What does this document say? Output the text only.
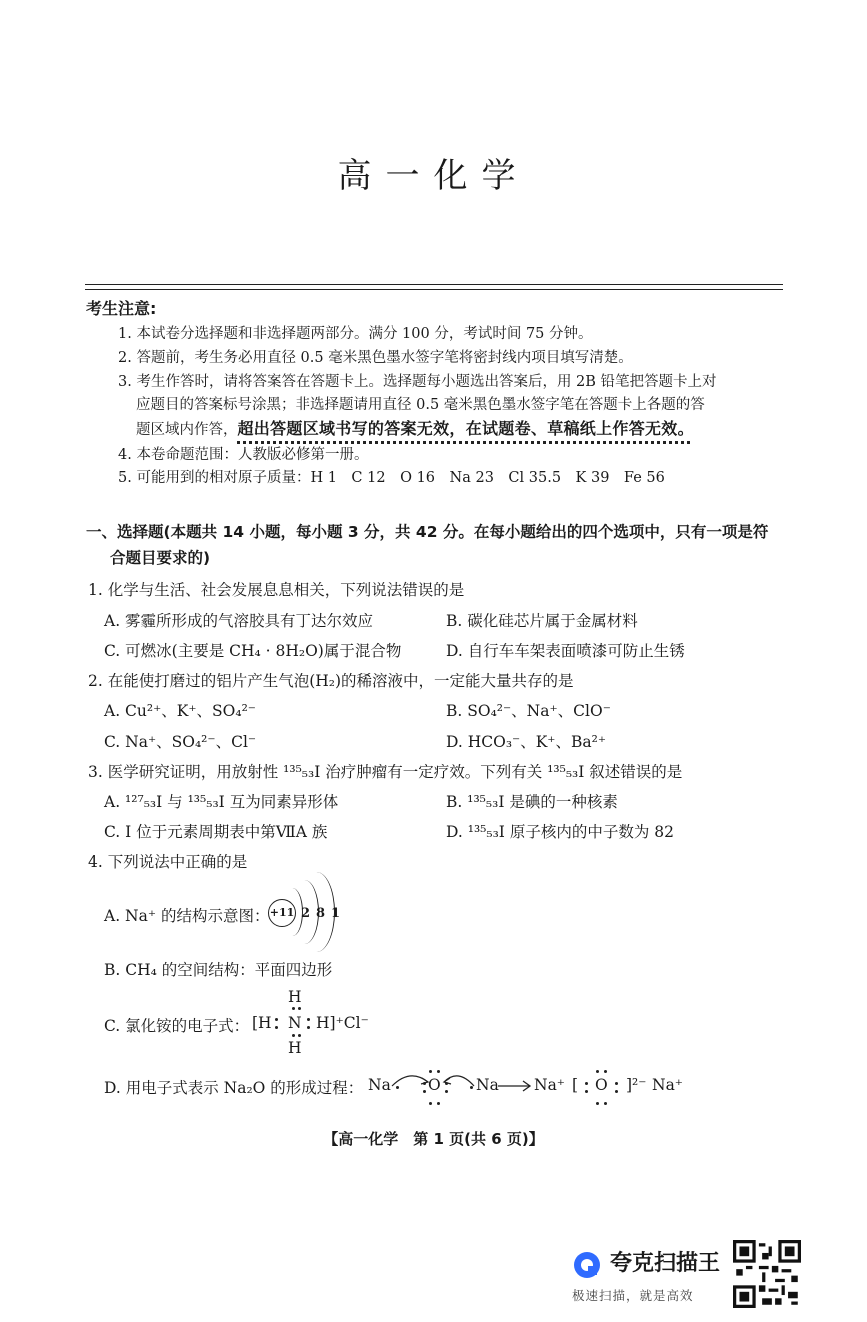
高一化学
考生注意:
1. 本试卷分选择题和非选择题两部分。满分 100 分，考试时间 75 分钟。
2. 答题前，考生务必用直径 0.5 毫米黑色墨水签字笔将密封线内项目填写清楚。
3. 考生作答时，请将答案答在答题卡上。选择题每小题选出答案后，用 2B 铅笔把答题卡上对
应题目的答案标号涂黑；非选择题请用直径 0.5 毫米黑色墨水签字笔在答题卡上各题的答
题区域内作答，超出答题区域书写的答案无效，在试题卷、草稿纸上作答无效。
4. 本卷命题范围：人教版必修第一册。
5. 可能用到的相对原子质量：H 1　C 12　O 16　Na 23　Cl 35.5　K 39　Fe 56
一、选择题(本题共 14 小题，每小题 3 分，共 42 分。在每小题给出的四个选项中，只有一项是符
合题目要求的)
1. 化学与生活、社会发展息息相关，下列说法错误的是
A. 雾霾所形成的气溶胶具有丁达尔效应	B. 碳化硅芯片属于金属材料
C. 可燃冰(主要是 CH₄ · 8H₂O)属于混合物	D. 自行车车架表面喷漆可防止生锈
2. 在能使打磨过的铝片产生气泡(H₂)的稀溶液中，一定能大量共存的是
A. Cu²⁺、K⁺、SO₄²⁻	B. SO₄²⁻、Na⁺、ClO⁻
C. Na⁺、SO₄²⁻、Cl⁻	D. HCO₃⁻、K⁺、Ba²⁺
3. 医学研究证明，用放射性 ¹³⁵₅₃I 治疗肿瘤有一定疗效。下列有关 ¹³⁵₅₃I 叙述错误的是
A. ¹²⁷₅₃I 与 ¹³⁵₅₃I 互为同素异形体	B. ¹³⁵₅₃I 是碘的一种核素
C. I 位于元素周期表中第ⅦA 族	D. ¹³⁵₅₃I 原子核内的中子数为 82
4. 下列说法中正确的是
A. Na⁺ 的结构示意图： +11 2 8 1
B. CH₄ 的空间结构：平面四边形
C. 氯化铵的电子式：
H
[H N H]⁺Cl⁻
H
D. 用电子式表示 Na₂O 的形成过程： Na O Na → Na⁺ [ O ]²⁻ Na⁺
【高一化学　第 1 页(共 6 页)】
夸克扫描王
极速扫描，就是高效
